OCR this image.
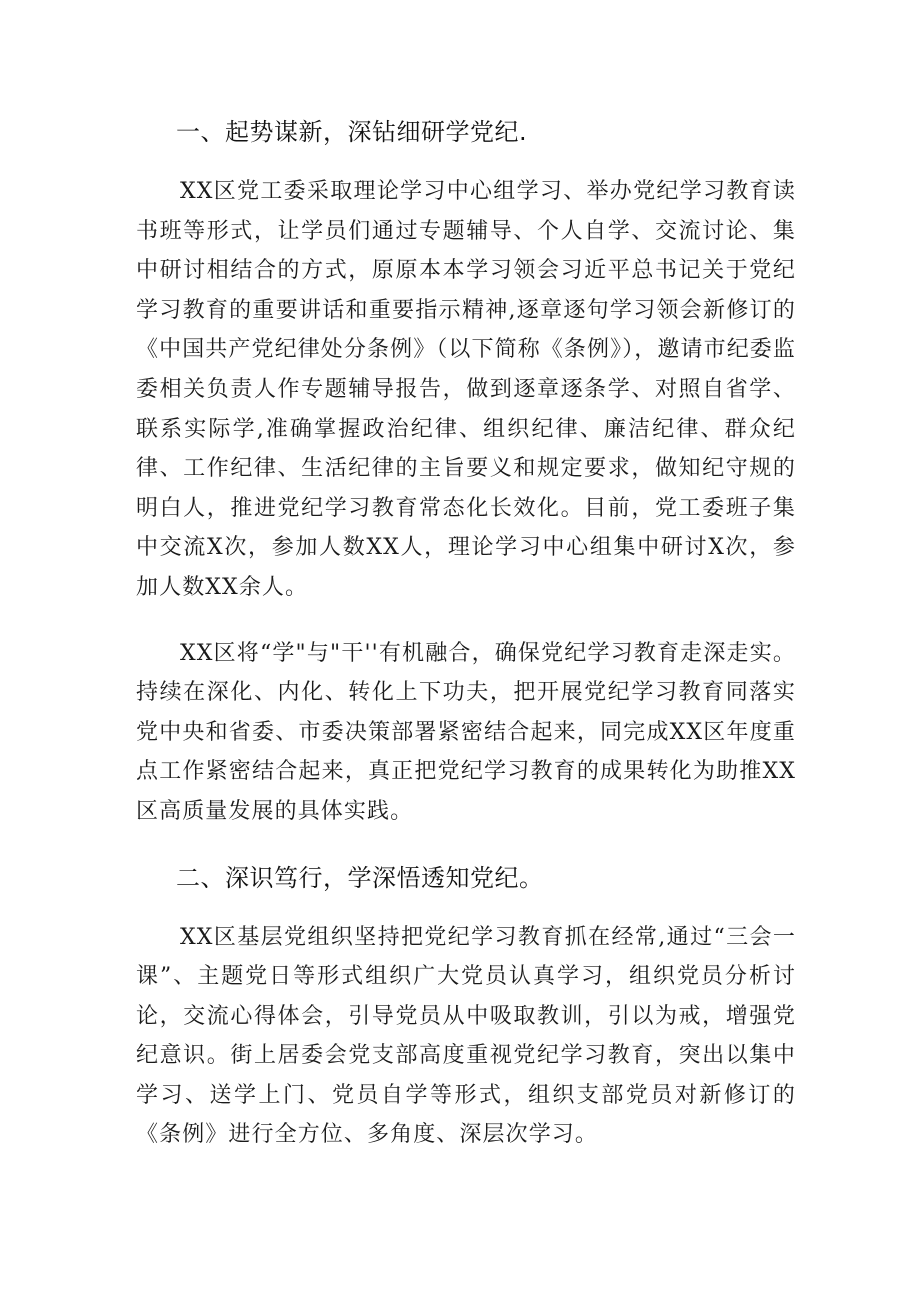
一、起势谋新，深钻细研学党纪.

XX区党工委采取理论学习中心组学习、举办党纪学习教育读书班等形式，让学员们通过专题辅导、个人自学、交流讨论、集中研讨相结合的方式，原原本本学习领会习近平总书记关于党纪学习教育的重要讲话和重要指示精神,逐章逐句学习领会新修订的《中国共产党纪律处分条例》（以下简称《条例》），邀请市纪委监委相关负责人作专题辅导报告，做到逐章逐条学、对照自省学、联系实际学,准确掌握政治纪律、组织纪律、廉洁纪律、群众纪律、工作纪律、生活纪律的主旨要义和规定要求，做知纪守规的明白人，推进党纪学习教育常态化长效化。目前，党工委班子集中交流X次，参加人数XX人，理论学习中心组集中研讨X次，参加人数XX余人。

XX区将“学"与"干''有机融合，确保党纪学习教育走深走实。持续在深化、内化、转化上下功夫，把开展党纪学习教育同落实党中央和省委、市委决策部署紧密结合起来，同完成XX区年度重点工作紧密结合起来，真正把党纪学习教育的成果转化为助推XX区高质量发展的具体实践。

二、深识笃行，学深悟透知党纪。

XX区基层党组织坚持把党纪学习教育抓在经常,通过“三会一课”、主题党日等形式组织广大党员认真学习，组织党员分析讨论，交流心得体会，引导党员从中吸取教训，引以为戒，增强党纪意识。街上居委会党支部高度重视党纪学习教育，突出以集中学习、送学上门、党员自学等形式，组织支部党员对新修订的《条例》进行全方位、多角度、深层次学习。
